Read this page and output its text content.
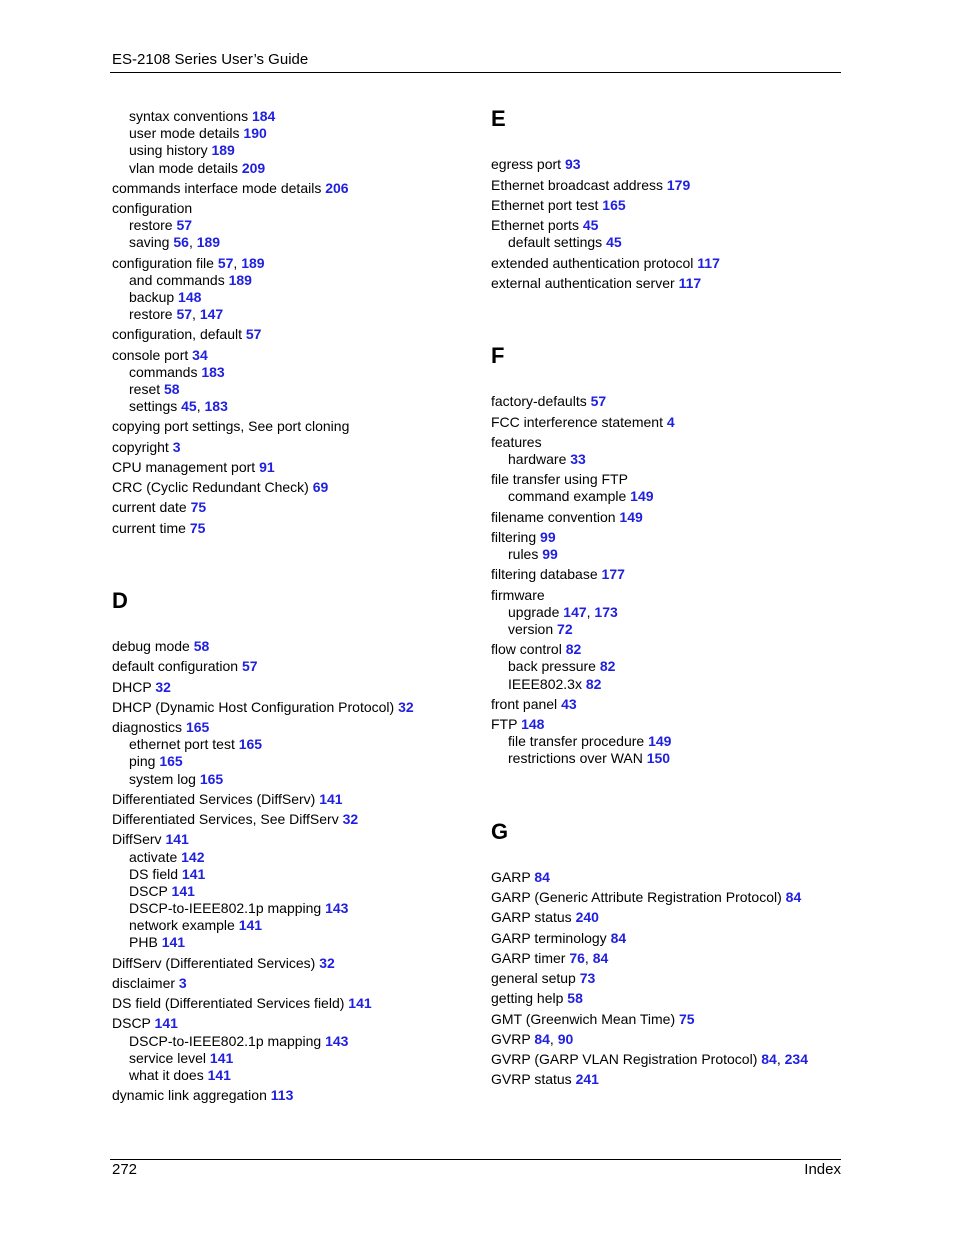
ES-2108 Series User’s Guide
syntax conventions 184
user mode details 190
using history 189
vlan mode details 209
commands interface mode details 206
configuration
restore 57
saving 56, 189
configuration file 57, 189
and commands 189
backup 148
restore 57, 147
configuration, default 57
console port 34
commands 183
reset 58
settings 45, 183
copying port settings, See port cloning
copyright 3
CPU management port 91
CRC (Cyclic Redundant Check) 69
current date 75
current time 75
D
debug mode 58
default configuration 57
DHCP 32
DHCP (Dynamic Host Configuration Protocol) 32
diagnostics 165
ethernet port test 165
ping 165
system log 165
Differentiated Services (DiffServ) 141
Differentiated Services, See DiffServ 32
DiffServ 141
activate 142
DS field 141
DSCP 141
DSCP-to-IEEE802.1p mapping 143
network example 141
PHB 141
DiffServ (Differentiated Services) 32
disclaimer 3
DS field (Differentiated Services field) 141
DSCP 141
DSCP-to-IEEE802.1p mapping 143
service level 141
what it does 141
dynamic link aggregation 113
E
egress port 93
Ethernet broadcast address 179
Ethernet port test 165
Ethernet ports 45
default settings 45
extended authentication protocol 117
external authentication server 117
F
factory-defaults 57
FCC interference statement 4
features
hardware 33
file transfer using FTP
command example 149
filename convention 149
filtering 99
rules 99
filtering database 177
firmware
upgrade 147, 173
version 72
flow control 82
back pressure 82
IEEE802.3x 82
front panel 43
FTP 148
file transfer procedure 149
restrictions over WAN 150
G
GARP 84
GARP (Generic Attribute Registration Protocol) 84
GARP status 240
GARP terminology 84
GARP timer 76, 84
general setup 73
getting help 58
GMT (Greenwich Mean Time) 75
GVRP 84, 90
GVRP (GARP VLAN Registration Protocol) 84, 234
GVRP status 241
272	Index
